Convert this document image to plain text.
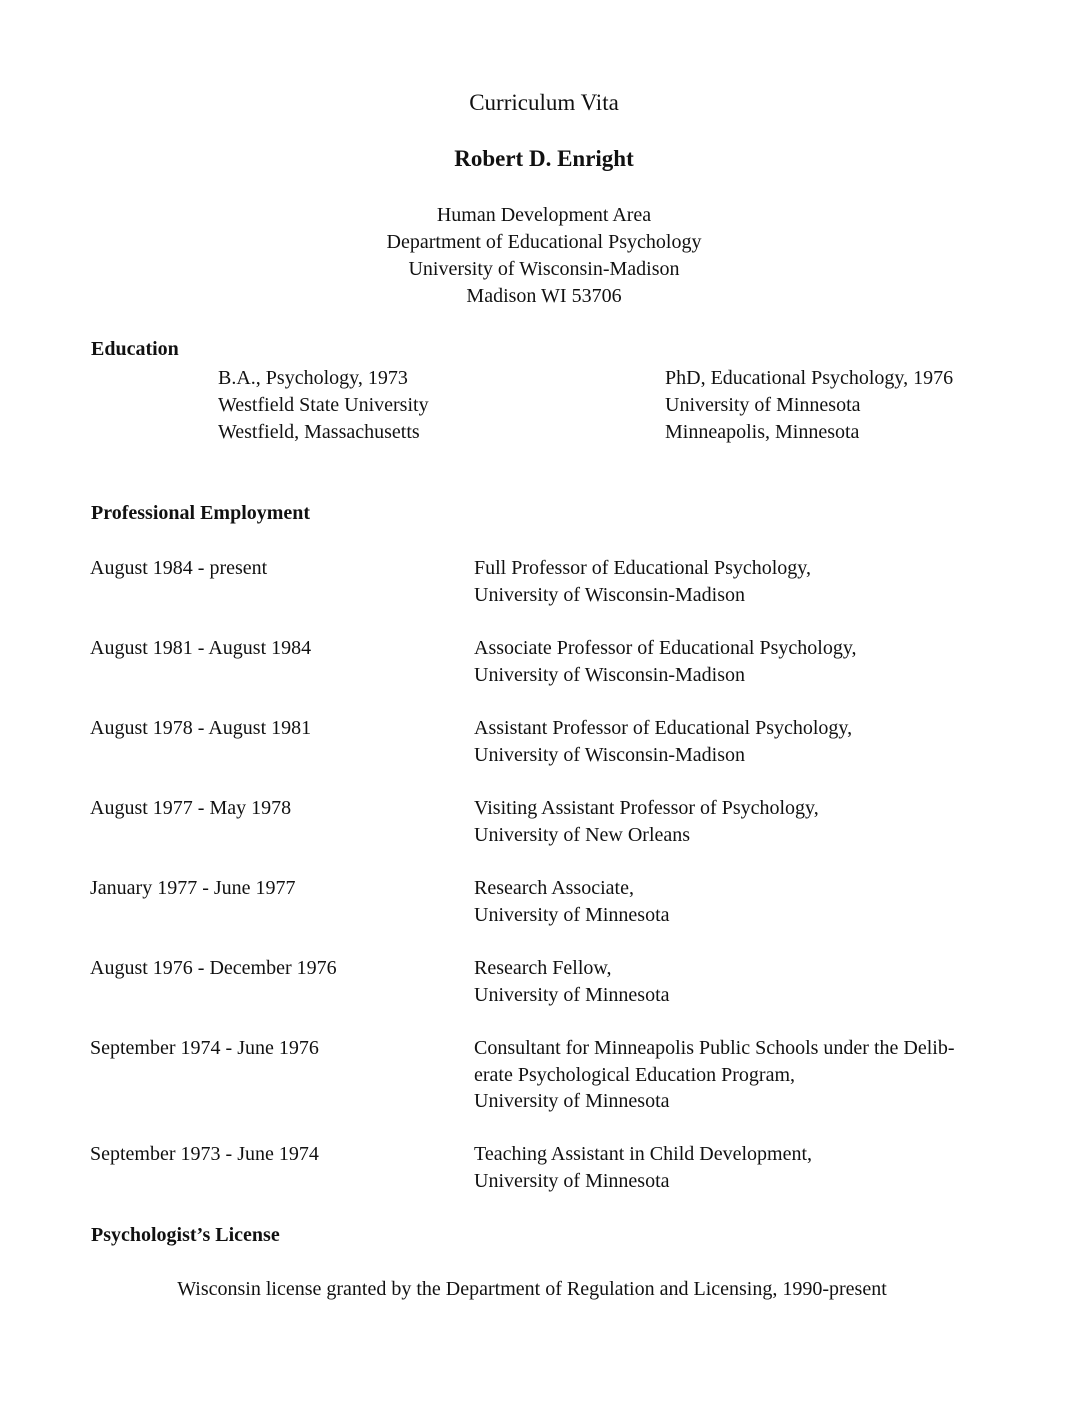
Curriculum Vita
Robert D. Enright
Human Development Area
Department of Educational Psychology
University of Wisconsin-Madison
Madison WI 53706
Education
B.A., Psychology, 1973
Westfield State University
Westfield, Massachusetts
PhD, Educational Psychology, 1976
University of Minnesota
Minneapolis, Minnesota
Professional Employment
August 1984 - present	Full Professor of Educational Psychology,
University of Wisconsin-Madison
August 1981 - August 1984	Associate Professor of Educational Psychology,
University of Wisconsin-Madison
August 1978 - August 1981	Assistant Professor of Educational Psychology,
University of Wisconsin-Madison
August 1977 - May 1978	Visiting Assistant Professor of Psychology,
University of New Orleans
January 1977 - June 1977	Research Associate,
University of Minnesota
August 1976 - December 1976	Research Fellow,
University of Minnesota
September 1974 - June 1976	Consultant for Minneapolis Public Schools under the Delib-
erate Psychological Education Program,
University of Minnesota
September 1973 - June 1974	Teaching Assistant in Child Development,
University of Minnesota
Psychologist’s License
Wisconsin license granted by the Department of Regulation and Licensing, 1990-present
